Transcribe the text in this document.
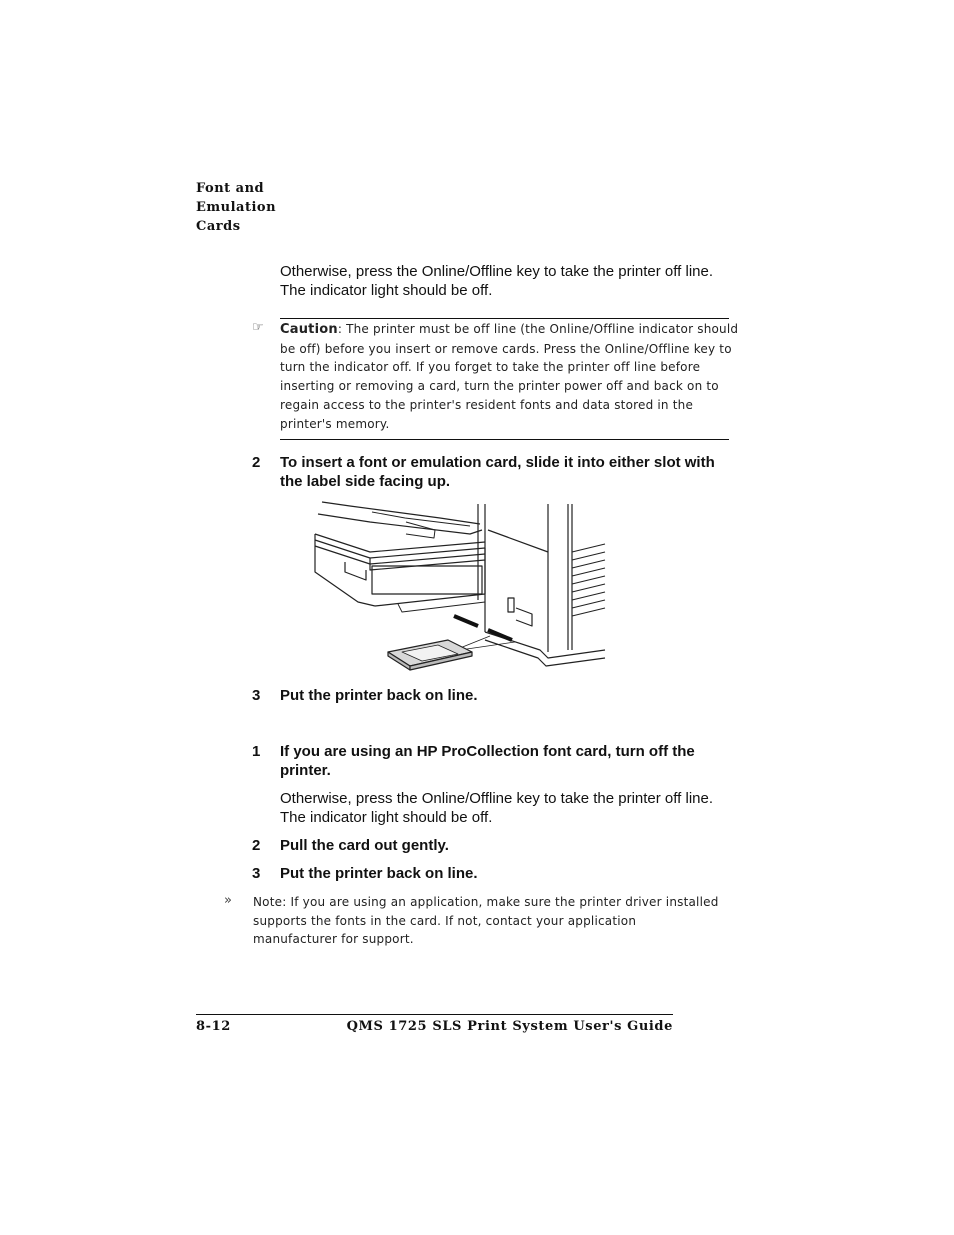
Font and
Emulation
Cards
Otherwise, press the Online/Offline key to take the printer off line.
The indicator light should be off.
☞ Caution: The printer must be off line (the Online/Offline indicator should
be off) before you insert or remove cards. Press the Online/Offline key to
turn the indicator off. If you forget to take the printer off line before
inserting or removing a card, turn the printer power off and back on to
regain access to the printer's resident fonts and data stored in the
printer's memory.
2 To insert a font or emulation card, slide it into either slot with
the label side facing up.
3 Put the printer back on line.
1 If you are using an HP ProCollection font card, turn off the
printer.
Otherwise, press the Online/Offline key to take the printer off line.
The indicator light should be off.
2 Pull the card out gently.
3 Put the printer back on line.
» Note: If you are using an application, make sure the printer driver installed
supports the fonts in the card. If not, contact your application
manufacturer for support.
8-12	QMS 1725 SLS Print System User's Guide
